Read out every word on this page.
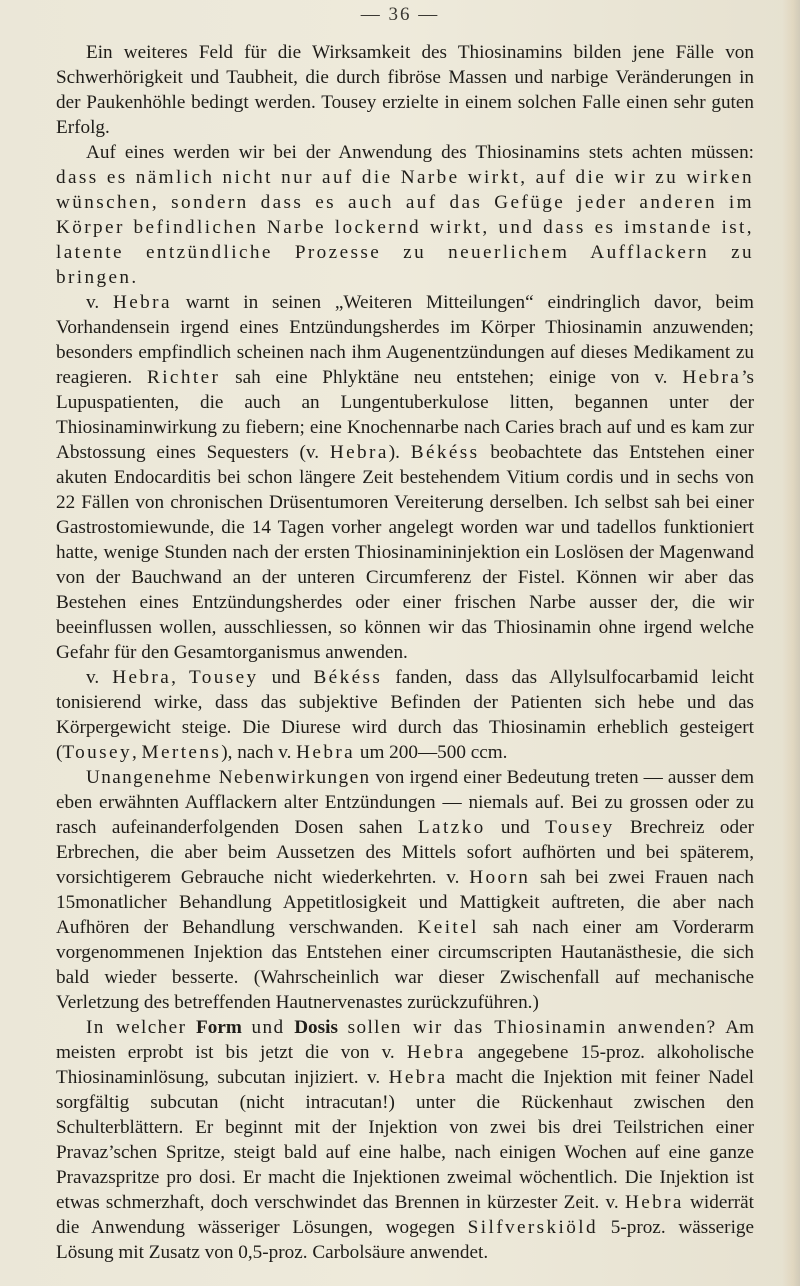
— 36 —

Ein weiteres Feld für die Wirksamkeit des Thiosinamins bilden jene Fälle von Schwerhörigkeit und Taubheit, die durch fibröse Massen und narbige Veränderungen in der Paukenhöhle bedingt werden. Tousey erzielte in einem solchen Falle einen sehr guten Erfolg.

Auf eines werden wir bei der Anwendung des Thiosinamins stets achten müssen: dass es nämlich nicht nur auf die Narbe wirkt, auf die wir zu wirken wünschen, sondern dass es auch auf das Gefüge jeder anderen im Körper befindlichen Narbe lockernd wirkt, und dass es imstande ist, latente entzündliche Prozesse zu neuerlichem Aufflackern zu bringen.

v. Hebra warnt in seinen „Weiteren Mitteilungen“ eindringlich davor, beim Vorhandensein irgend eines Entzündungsherdes im Körper Thiosinamin anzuwenden; besonders empfindlich scheinen nach ihm Augenentzündungen auf dieses Medikament zu reagieren. Richter sah eine Phlyktäne neu entstehen; einige von v. Hebra’s Lupuspatienten, die auch an Lungentuberkulose litten, begannen unter der Thiosinaminwirkung zu fiebern; eine Knochennarbe nach Caries brach auf und es kam zur Abstossung eines Sequesters (v. Hebra). Békéss beobachtete das Entstehen einer akuten Endocarditis bei schon längere Zeit bestehendem Vitium cordis und in sechs von 22 Fällen von chronischen Drüsentumoren Vereiterung derselben. Ich selbst sah bei einer Gastrostomiewunde, die 14 Tagen vorher angelegt worden war und tadellos funktioniert hatte, wenige Stunden nach der ersten Thiosinamininjektion ein Loslösen der Magenwand von der Bauchwand an der unteren Circumferenz der Fistel. Können wir aber das Bestehen eines Entzündungsherdes oder einer frischen Narbe ausser der, die wir beeinflussen wollen, ausschliessen, so können wir das Thiosinamin ohne irgend welche Gefahr für den Gesamtorganismus anwenden.

v. Hebra, Tousey und Békéss fanden, dass das Allylsulfocarbamid leicht tonisierend wirke, dass das subjektive Befinden der Patienten sich hebe und das Körpergewicht steige. Die Diurese wird durch das Thiosinamin erheblich gesteigert (Tousey, Mertens), nach v. Hebra um 200—500 ccm.

Unangenehme Nebenwirkungen von irgend einer Bedeutung treten — ausser dem eben erwähnten Aufflackern alter Entzündungen — niemals auf. Bei zu grossen oder zu rasch aufeinanderfolgenden Dosen sahen Latzko und Tousey Brechreiz oder Erbrechen, die aber beim Aussetzen des Mittels sofort aufhörten und bei späterem, vorsichtigerem Gebrauche nicht wiederkehrten. v. Hoorn sah bei zwei Frauen nach 15monatlicher Behandlung Appetitlosigkeit und Mattigkeit auftreten, die aber nach Aufhören der Behandlung verschwanden. Keitel sah nach einer am Vorderarm vorgenommenen Injektion das Entstehen einer circumscripten Hautanästhesie, die sich bald wieder besserte. (Wahrscheinlich war dieser Zwischenfall auf mechanische Verletzung des betreffenden Hautnervenastes zurückzuführen.)

In welcher Form und Dosis sollen wir das Thiosinamin anwenden? Am meisten erprobt ist bis jetzt die von v. Hebra angegebene 15-proz. alkoholische Thiosinaminlösung, subcutan injiziert. v. Hebra macht die Injektion mit feiner Nadel sorgfältig subcutan (nicht intracutan!) unter die Rückenhaut zwischen den Schulterblättern. Er beginnt mit der Injektion von zwei bis drei Teilstrichen einer Pravaz’schen Spritze, steigt bald auf eine halbe, nach einigen Wochen auf eine ganze Pravazspritze pro dosi. Er macht die Injektionen zweimal wöchentlich. Die Injektion ist etwas schmerzhaft, doch verschwindet das Brennen in kürzester Zeit. v. Hebra widerrät die Anwendung wässeriger Lösungen, wogegen Silfverskiöld 5-proz. wässerige Lösung mit Zusatz von 0,5-proz. Carbolsäure anwendet.
